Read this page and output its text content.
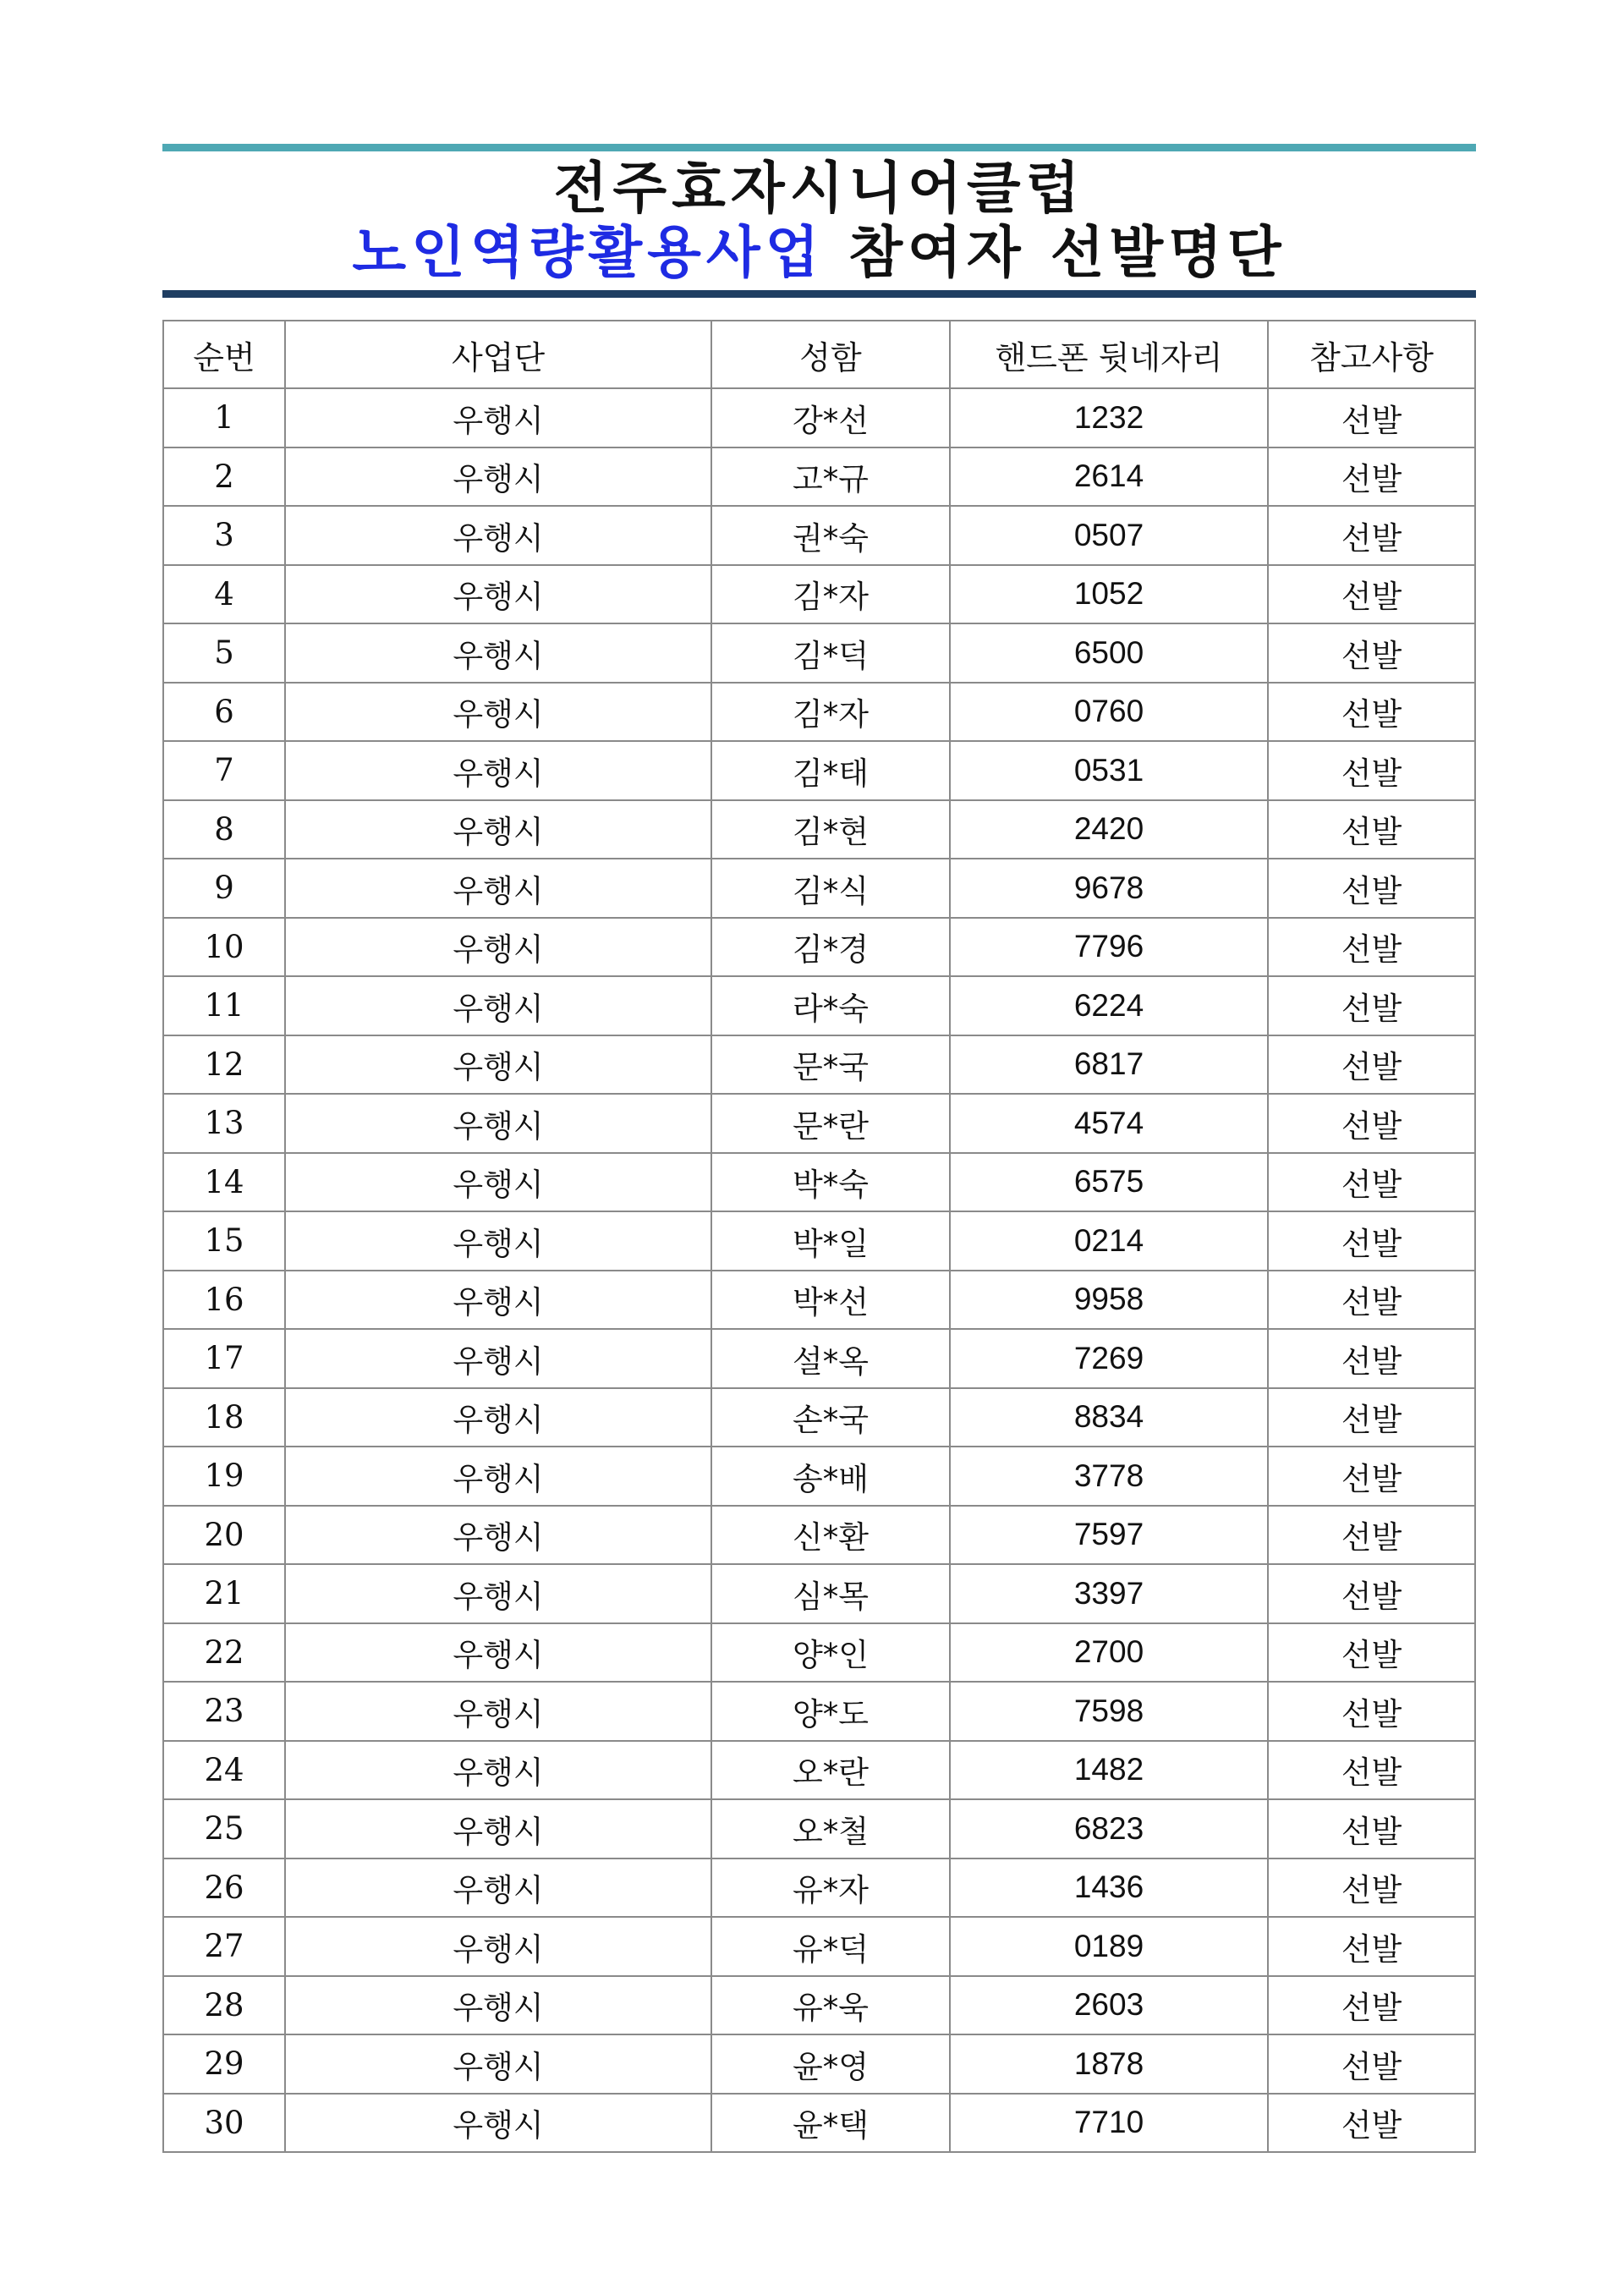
전주효자시니어클럽
노인역량활용사업 참여자 선발명단
순번	사업단	성함	핸드폰 뒷네자리	참고사항
1	우행시	강*선	1232	선발
2	우행시	고*규	2614	선발
3	우행시	권*숙	0507	선발
4	우행시	김*자	1052	선발
5	우행시	김*덕	6500	선발
6	우행시	김*자	0760	선발
7	우행시	김*태	0531	선발
8	우행시	김*현	2420	선발
9	우행시	김*식	9678	선발
10	우행시	김*경	7796	선발
11	우행시	라*숙	6224	선발
12	우행시	문*국	6817	선발
13	우행시	문*란	4574	선발
14	우행시	박*숙	6575	선발
15	우행시	박*일	0214	선발
16	우행시	박*선	9958	선발
17	우행시	설*옥	7269	선발
18	우행시	손*국	8834	선발
19	우행시	송*배	3778	선발
20	우행시	신*환	7597	선발
21	우행시	심*목	3397	선발
22	우행시	양*인	2700	선발
23	우행시	양*도	7598	선발
24	우행시	오*란	1482	선발
25	우행시	오*철	6823	선발
26	우행시	유*자	1436	선발
27	우행시	유*덕	0189	선발
28	우행시	유*욱	2603	선발
29	우행시	윤*영	1878	선발
30	우행시	윤*택	7710	선발
